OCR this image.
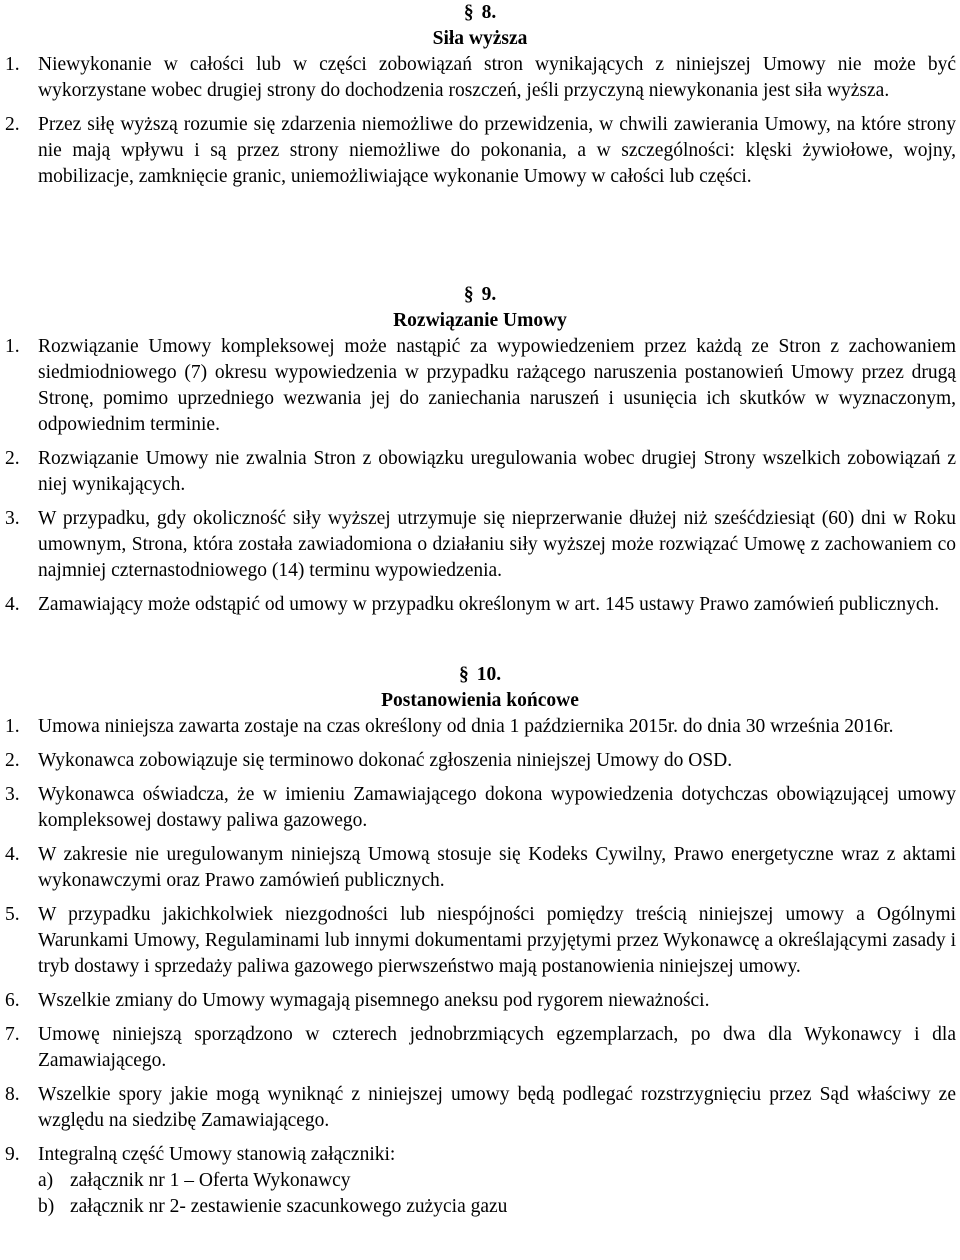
§ 8.
Siła wyższa

1. Niewykonanie w całości lub w części zobowiązań stron wynikających z niniejszej Umowy nie może być wykorzystane wobec drugiej strony do dochodzenia roszczeń, jeśli przyczyną niewykonania jest siła wyższa.

2. Przez siłę wyższą rozumie się zdarzenia niemożliwe do przewidzenia, w chwili zawierania Umowy, na które strony nie mają wpływu i są przez strony niemożliwe do pokonania, a w szczególności: klęski żywiołowe, wojny, mobilizacje, zamknięcie granic, uniemożliwiające wykonanie Umowy w całości lub części.

§ 9.
Rozwiązanie Umowy

1. Rozwiązanie Umowy kompleksowej może nastąpić za wypowiedzeniem przez każdą ze Stron z zachowaniem siedmiodniowego (7) okresu wypowiedzenia w przypadku rażącego naruszenia postanowień Umowy przez drugą Stronę, pomimo uprzedniego wezwania jej do zaniechania naruszeń i usunięcia ich skutków w wyznaczonym, odpowiednim terminie.

2. Rozwiązanie Umowy nie zwalnia Stron z obowiązku uregulowania wobec drugiej Strony wszelkich zobowiązań z niej wynikających.

3. W przypadku, gdy okoliczność siły wyższej utrzymuje się nieprzerwanie dłużej niż sześćdziesiąt (60) dni w Roku umownym, Strona, która została zawiadomiona o działaniu siły wyższej może rozwiązać Umowę z zachowaniem co najmniej czternastodniowego (14) terminu wypowiedzenia.

4. Zamawiający może odstąpić od umowy w przypadku określonym w art. 145 ustawy Prawo zamówień publicznych.

§ 10.
Postanowienia końcowe

1. Umowa niniejsza zawarta zostaje na czas określony od dnia 1 października 2015r. do dnia 30 września 2016r.

2. Wykonawca zobowiązuje się terminowo dokonać zgłoszenia niniejszej Umowy do OSD.

3. Wykonawca oświadcza, że w imieniu Zamawiającego dokona wypowiedzenia dotychczas obowiązującej umowy kompleksowej dostawy paliwa gazowego.

4. W zakresie nie uregulowanym niniejszą Umową stosuje się Kodeks Cywilny, Prawo energetyczne wraz z aktami wykonawczymi oraz Prawo zamówień publicznych.

5. W przypadku jakichkolwiek niezgodności lub niespójności pomiędzy treścią niniejszej umowy a Ogólnymi Warunkami Umowy, Regulaminami lub innymi dokumentami przyjętymi przez Wykonawcę a określającymi zasady i tryb dostawy i sprzedaży paliwa gazowego pierwszeństwo mają postanowienia niniejszej umowy.

6. Wszelkie zmiany do Umowy wymagają pisemnego aneksu pod rygorem nieważności.

7. Umowę niniejszą sporządzono w czterech jednobrzmiących egzemplarzach, po dwa dla Wykonawcy i dla Zamawiającego.

8. Wszelkie spory jakie mogą wyniknąć z niniejszej umowy będą podlegać rozstrzygnięciu przez Sąd właściwy ze względu na siedzibę Zamawiającego.

9. Integralną część Umowy stanowią załączniki:

a) załącznik nr 1 – Oferta Wykonawcy

b) załącznik nr 2- zestawienie szacunkowego zużycia gazu
